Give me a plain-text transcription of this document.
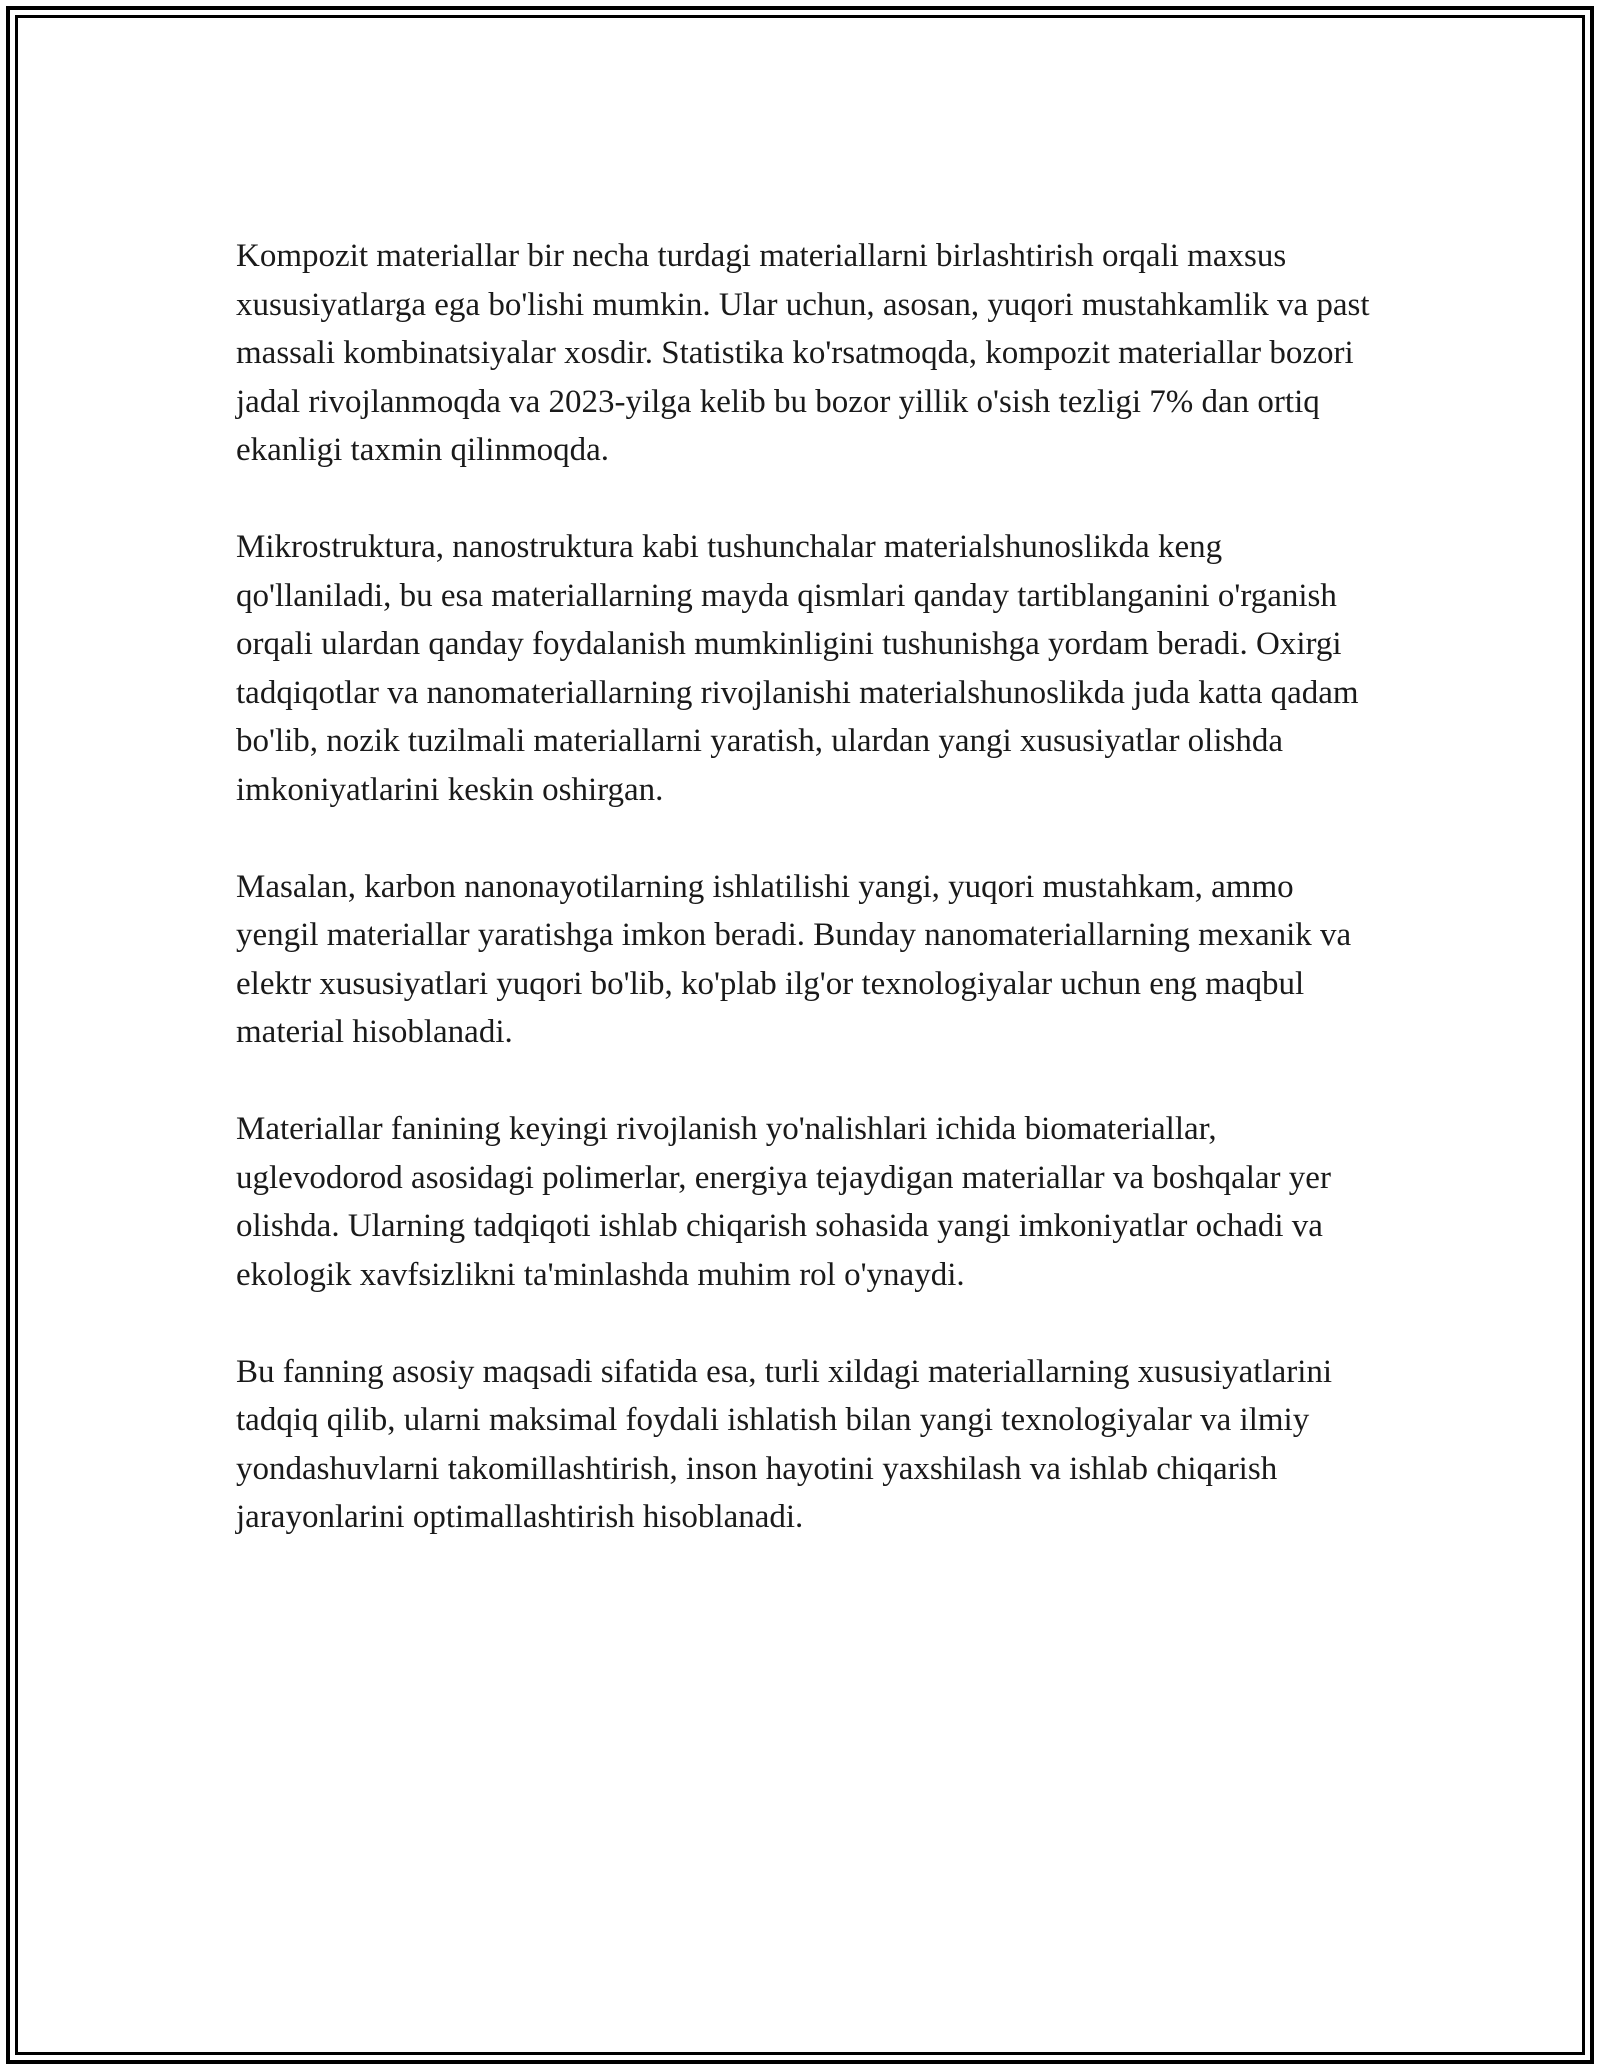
Kompozit materiallar bir necha turdagi materiallarni birlashtirish orqali maxsus xususiyatlarga ega bo'lishi mumkin. Ular uchun, asosan, yuqori mustahkamlik va past massali kombinatsiyalar xosdir. Statistika ko'rsatmoqda, kompozit materiallar bozori jadal rivojlanmoqda va 2023-yilga kelib bu bozor yillik o'sish tezligi 7% dan ortiq ekanligi taxmin qilinmoqda.

Mikrostruktura, nanostruktura kabi tushunchalar materialshunoslikda keng qo'llaniladi, bu esa materiallarning mayda qismlari qanday tartiblanganini o'rganish orqali ulardan qanday foydalanish mumkinligini tushunishga yordam beradi. Oxirgi tadqiqotlar va nanomateriallarning rivojlanishi materialshunoslikda juda katta qadam bo'lib, nozik tuzilmali materiallarni yaratish, ulardan yangi xususiyatlar olishda imkoniyatlarini keskin oshirgan.

Masalan, karbon nanonayotilarning ishlatilishi yangi, yuqori mustahkam, ammo yengil materiallar yaratishga imkon beradi. Bunday nanomateriallarning mexanik va elektr xususiyatlari yuqori bo'lib, ko'plab ilg'or texnologiyalar uchun eng maqbul material hisoblanadi.

Materiallar fanining keyingi rivojlanish yo'nalishlari ichida biomateriallar, uglevodorod asosidagi polimerlar, energiya tejaydigan materiallar va boshqalar yer olishda. Ularning tadqiqoti ishlab chiqarish sohasida yangi imkoniyatlar ochadi va ekologik xavfsizlikni ta'minlashda muhim rol o'ynaydi.

Bu fanning asosiy maqsadi sifatida esa, turli xildagi materiallarning xususiyatlarini tadqiq qilib, ularni maksimal foydali ishlatish bilan yangi texnologiyalar va ilmiy yondashuvlarni takomillashtirish, inson hayotini yaxshilash va ishlab chiqarish jarayonlarini optimallashtirish hisoblanadi.
